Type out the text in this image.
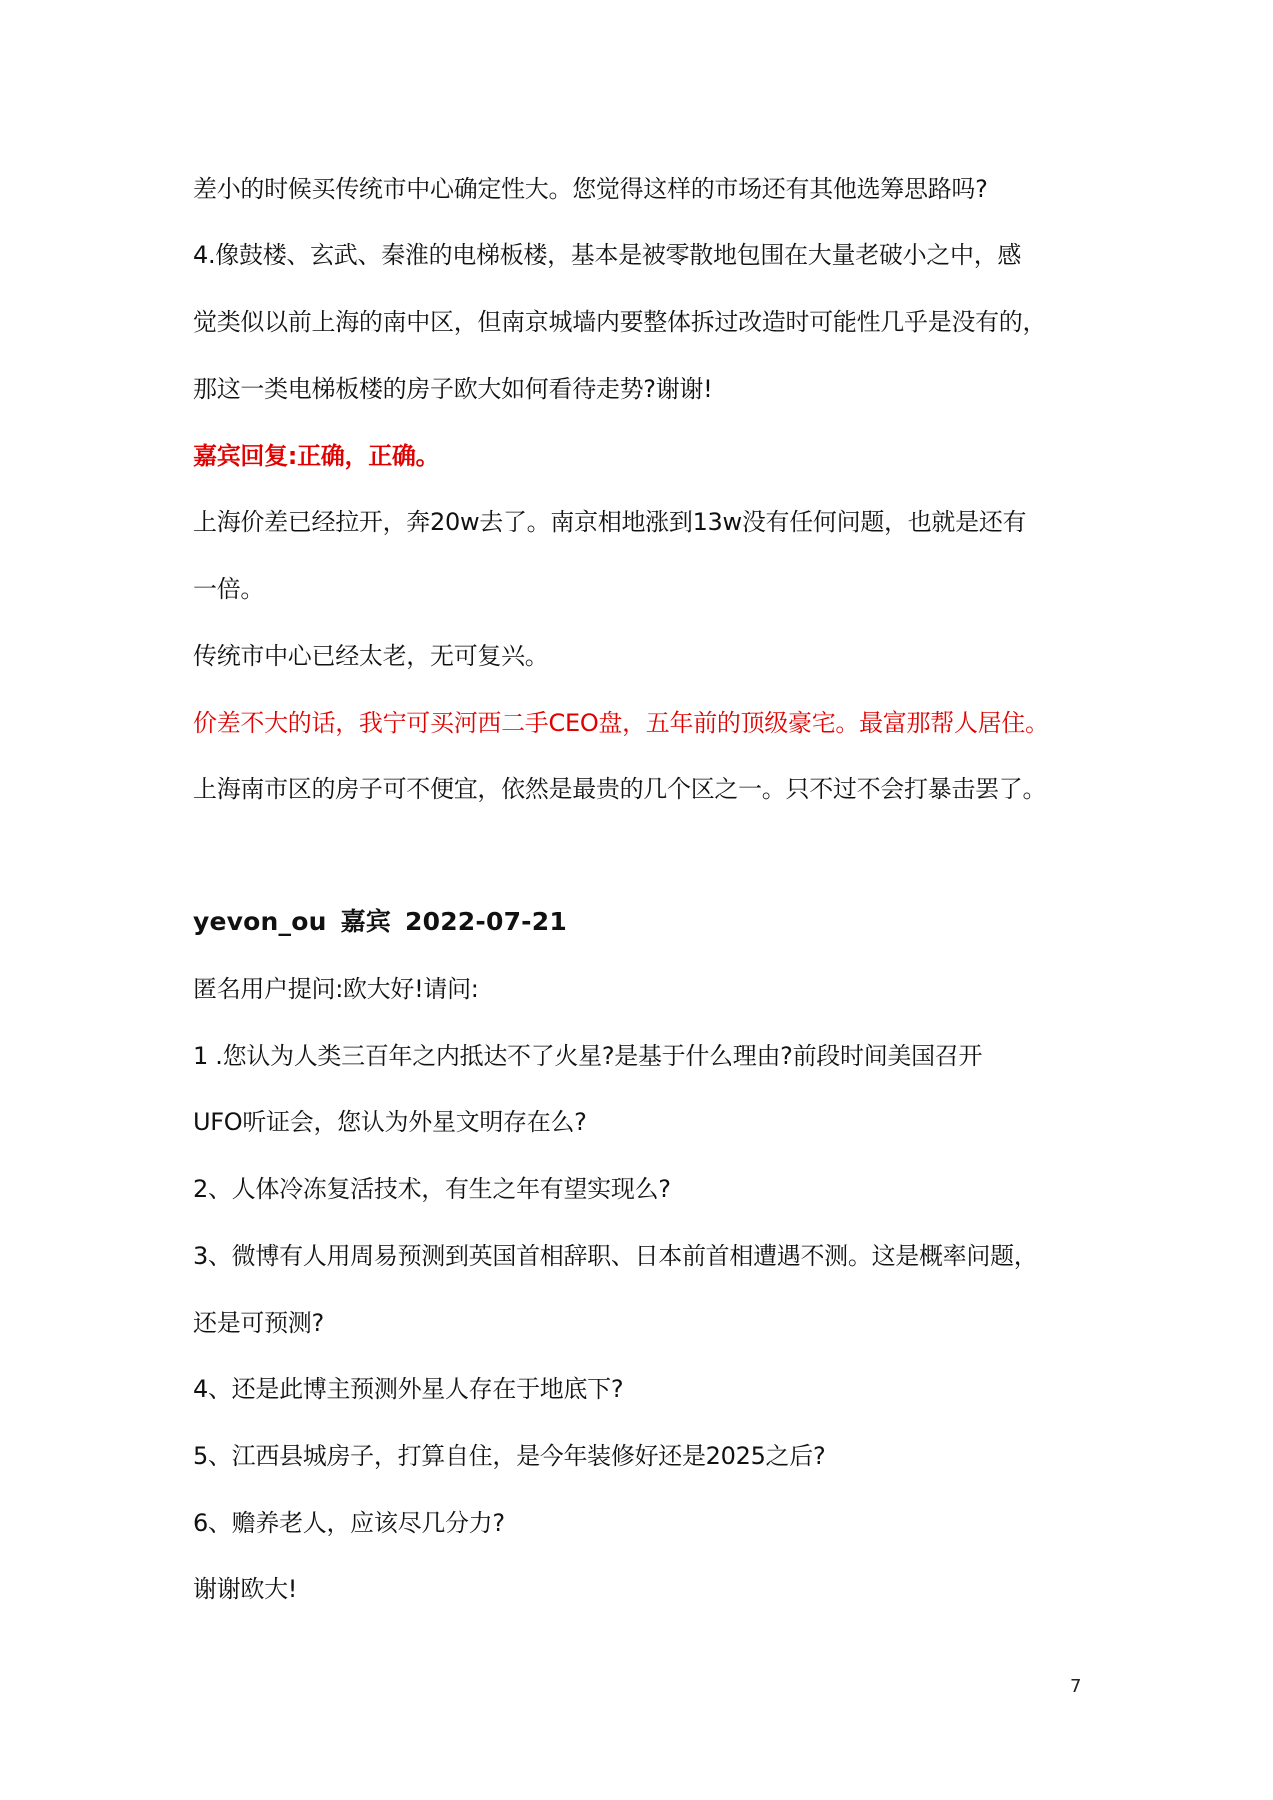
差小的时候买传统市中心确定性大。您觉得这样的市场还有其他选筹思路吗?
4.像鼓楼、玄武、秦淮的电梯板楼，基本是被零散地包围在大量老破小之中，感
觉类似以前上海的南中区，但南京城墙内要整体拆过改造时可能性几乎是没有的，
那这一类电梯板楼的房子欧大如何看待走势?谢谢!
嘉宾回复:正确，正确。
上海价差已经拉开，奔20w去了。南京相地涨到13w没有任何问题，也就是还有
一倍。
传统市中心已经太老，无可复兴。
价差不大的话，我宁可买河西二手CEO盘，五年前的顶级豪宅。最富那帮人居住。
上海南市区的房子可不便宜，依然是最贵的几个区之一。只不过不会打暴击罢了。
yevon_ou 嘉宾 2022-07-21
匿名用户提问:欧大好!请问:
1 .您认为人类三百年之内抵达不了火星?是基于什么理由?前段时间美国召开
UFO听证会，您认为外星文明存在么?
2、人体冷冻复活技术，有生之年有望实现么?
3、微博有人用周易预测到英国首相辞职、日本前首相遭遇不测。这是概率问题，
还是可预测?
4、还是此博主预测外星人存在于地底下?
5、江西县城房子，打算自住，是今年装修好还是2025之后?
6、赡养老人，应该尽几分力?
谢谢欧大!
7
